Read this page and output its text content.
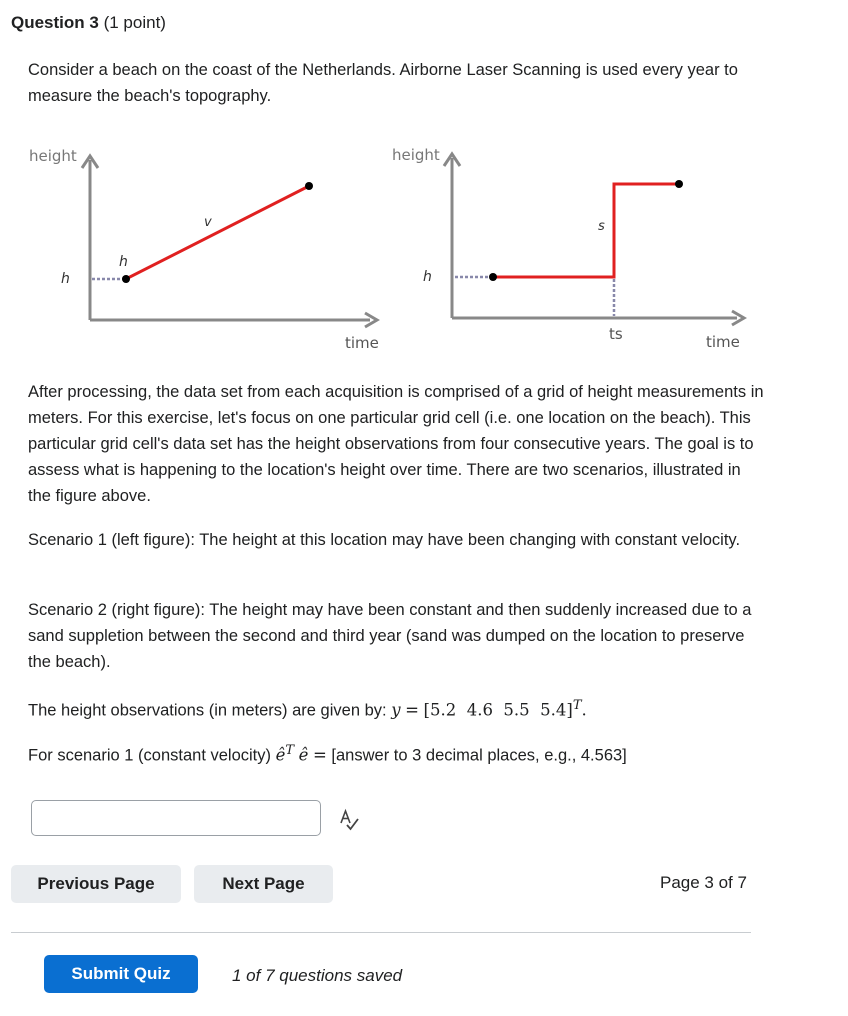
Question 3 (1 point)
Consider a beach on the coast of the Netherlands. Airborne Laser Scanning is used every year to measure the beach's topography.
height
time
h
h
v
height
time
h
s
ts
After processing, the data set from each acquisition is comprised of a grid of height measurements in meters. For this exercise, let's focus on one particular grid cell (i.e. one location on the beach). This particular grid cell's data set has the height observations from four consecutive years. The goal is to assess what is happening to the location's height over time. There are two scenarios, illustrated in the figure above.
Scenario 1 (left figure): The height at this location may have been changing with constant velocity.
Scenario 2 (right figure): The height may have been constant and then suddenly increased due to a sand suppletion between the second and third year (sand was dumped on the location to preserve the beach).
The height observations (in meters) are given by: y = [5.2  4.6  5.5  5.4]$^T$.
For scenario 1 (constant velocity) $ê^T$ ê = [answer to 3 decimal places, e.g., 4.563]
Previous Page	Next Page	Page 3 of 7
Submit Quiz	1 of 7 questions saved
